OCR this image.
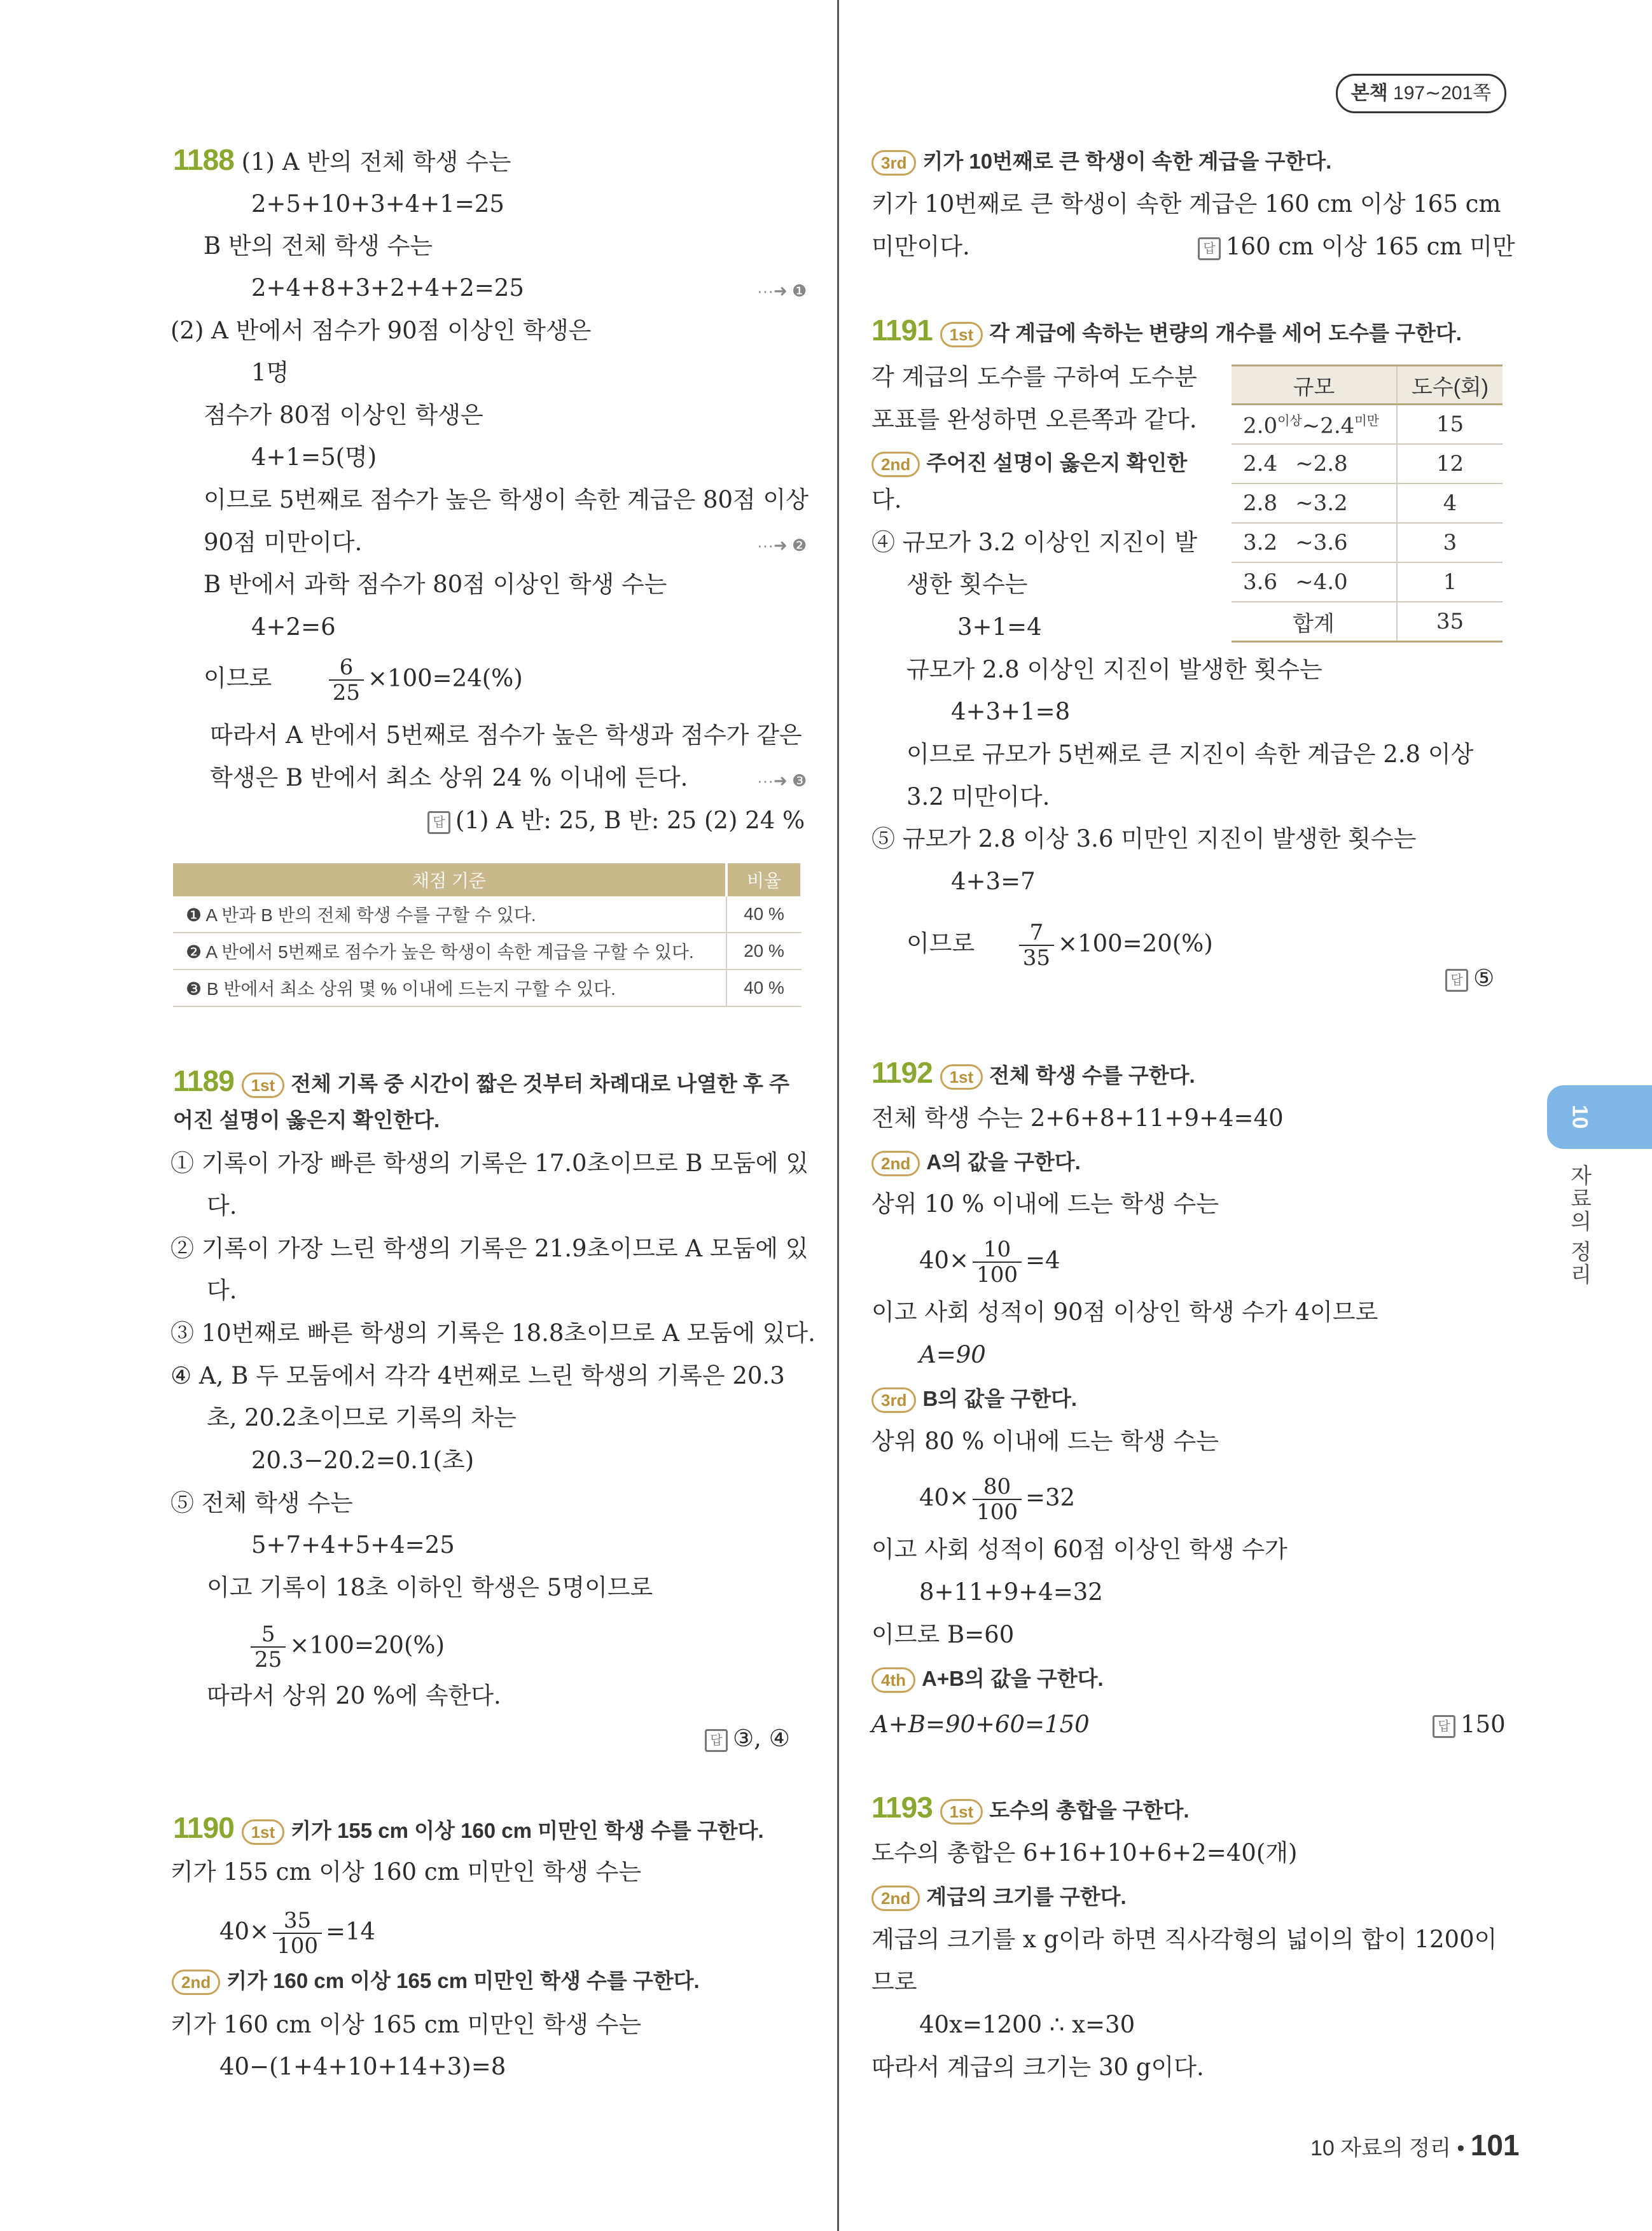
본책 197∼201쪽
1188 (1) A 반의 전체 학생 수는
2+5+10+3+4+1=25
B 반의 전체 학생 수는
2+4+8+3+2+4+2=25	···➜ ❶
(2) A 반에서 점수가 90점 이상인 학생은
1명
점수가 80점 이상인 학생은
4+1=5(명)
이므로 5번째로 점수가 높은 학생이 속한 계급은 80점 이상
90점 미만이다.	···➜ ❷
B 반에서 과학 점수가 80점 이상인 학생 수는
4+2=6
이므로	$\frac{6}{25} \times 100=24(\%)$
따라서 A 반에서 5번째로 점수가 높은 학생과 점수가 같은
학생은 B 반에서 최소 상위 24 % 이내에 든다.	···➜ ❸
답 (1) A 반: 25, B 반: 25 (2) 24 %
채점 기준	비율
❶ A 반과 B 반의 전체 학생 수를 구할 수 있다.	40 %
❷ A 반에서 5번째로 점수가 높은 학생이 속한 계급을 구할 수 있다.	20 %
❸ B 반에서 최소 상위 몇 % 이내에 드는지 구할 수 있다.	40 %
1189 1st 전체 기록 중 시간이 짧은 것부터 차례대로 나열한 후 주
어진 설명이 옳은지 확인한다.
① 기록이 가장 빠른 학생의 기록은 17.0초이므로 B 모둠에 있
다.
② 기록이 가장 느린 학생의 기록은 21.9초이므로 A 모둠에 있
다.
③ 10번째로 빠른 학생의 기록은 18.8초이므로 A 모둠에 있다.
④ A, B 두 모둠에서 각각 4번째로 느린 학생의 기록은 20.3
초, 20.2초이므로 기록의 차는
20.3−20.2=0.1(초)
⑤ 전체 학생 수는
5+7+4+5+4=25
이고 기록이 18초 이하인 학생은 5명이므로
$\frac{5}{25} \times 100=20(\%)$
따라서 상위 20 %에 속한다.
답 ③, ④
1190 1st 키가 155 cm 이상 160 cm 미만인 학생 수를 구한다.
키가 155 cm 이상 160 cm 미만인 학생 수는
$40\times \frac{35}{100} =14$
2nd 키가 160 cm 이상 165 cm 미만인 학생 수를 구한다.
키가 160 cm 이상 165 cm 미만인 학생 수는
40−(1+4+10+14+3)=8
3rd 키가 10번째로 큰 학생이 속한 계급을 구한다.
키가 10번째로 큰 학생이 속한 계급은 160 cm 이상 165 cm
미만이다.	답 160 cm 이상 165 cm 미만
1191 1st 각 계급에 속하는 변량의 개수를 세어 도수를 구한다.
각 계급의 도수를 구하여 도수분
포표를 완성하면 오른쪽과 같다.
2nd 주어진 설명이 옳은지 확인한
다.
④ 규모가 3.2 이상인 지진이 발
생한 횟수는
3+1=4
규모가 2.8 이상인 지진이 발생한 횟수는
4+3+1=8
이므로 규모가 5번째로 큰 지진이 속한 계급은 2.8 이상
3.2 미만이다.
⑤ 규모가 2.8 이상 3.6 미만인 지진이 발생한 횟수는
4+3=7
이므로 $\frac{7}{35} \times 100=20(\%)$
답 ⑤
규모	도수(회)
$2.0^{이상}\sim 2.4^{미만}$	15
2.4 ∼2.8	12
2.8 ∼3.2	4
3.2 ∼3.6	3
3.6 ∼4.0	1
합계	35
1192 1st 전체 학생 수를 구한다.
전체 학생 수는 2+6+8+11+9+4=40
2nd A의 값을 구한다.
상위 10 % 이내에 드는 학생 수는
$40\times \frac{10}{100} =4$
이고 사회 성적이 90점 이상인 학생 수가 4이므로
A=90
3rd B의 값을 구한다.
상위 80 % 이내에 드는 학생 수는
$40\times \frac{80}{100} =32$
이고 사회 성적이 60점 이상인 학생 수가
8+11+9+4=32
이므로 B=60
4th A+B의 값을 구한다.
A+B=90+60=150	답 150
1193 1st 도수의 총합을 구한다.
도수의 총합은 6+16+10+6+2=40(개)
2nd 계급의 크기를 구한다.
계급의 크기를 x g이라 하면 직사각형의 넓이의 합이 1200이
므로
40x=1200 ∴ x=30
따라서 계급의 크기는 30 g이다.
10
자료의 정리
10 자료의 정리 • 101
